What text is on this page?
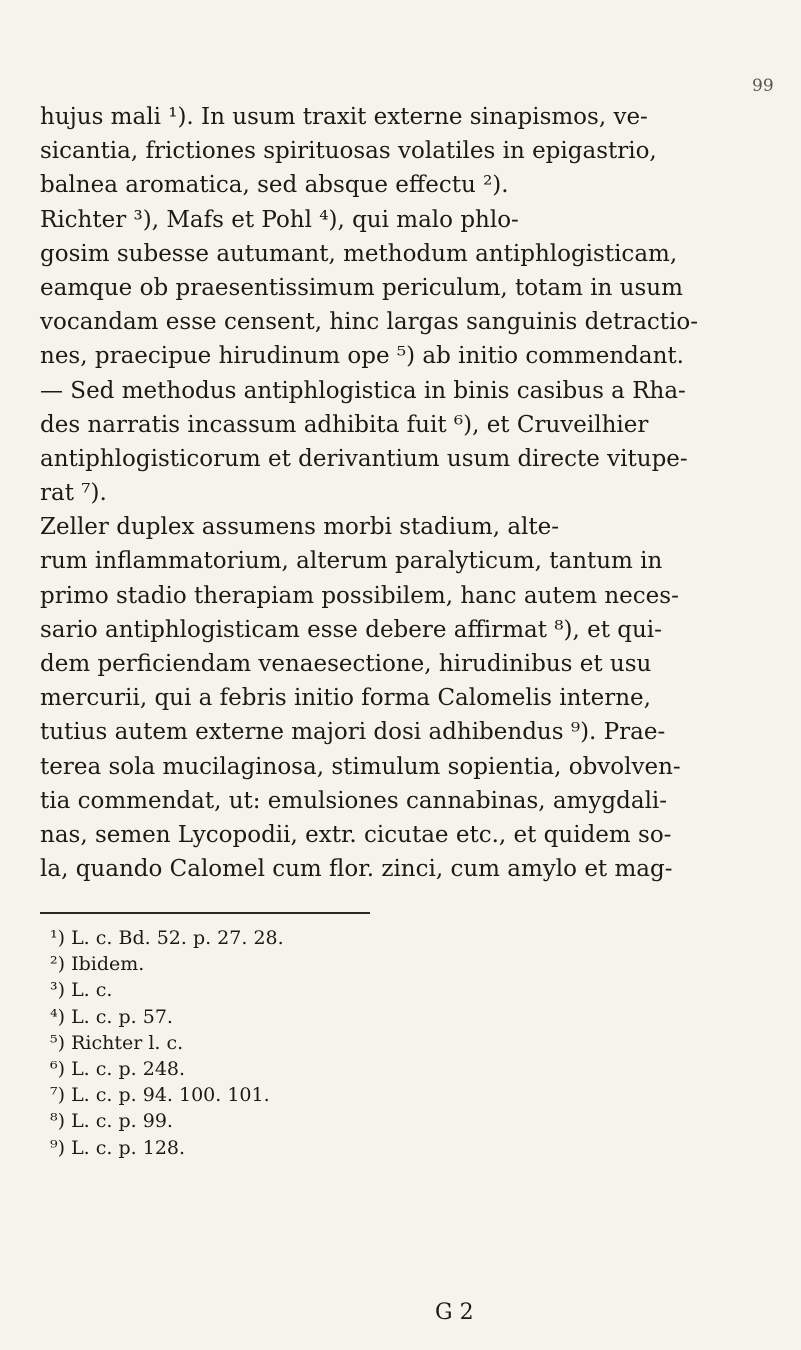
99
hujus mali ¹). In usum traxit externe sinapismos, ve-
sicantia, frictiones spirituosas volatiles in epigastrio,
balnea aromatica, sed absque effectu ²).
Richter ³), Mafs et Pohl ⁴), qui malo phlo-
gosim subesse autumant, methodum antiphlogisticam,
eamque ob praesentissimum periculum, totam in usum
vocandam esse censent, hinc largas sanguinis detractio-
nes, praecipue hirudinum ope ⁵) ab initio commendant.
— Sed methodus antiphlogistica in binis casibus a Rha-
des narratis incassum adhibita fuit ⁶), et Cruveilhier
antiphlogisticorum et derivantium usum directe vitupe-
rat ⁷).
Zeller duplex assumens morbi stadium, alte-
rum inflammatorium, alterum paralyticum, tantum in
primo stadio therapiam possibilem, hanc autem neces-
sario antiphlogisticam esse debere affirmat ⁸), et qui-
dem perficiendam venaesectione, hirudinibus et usu
mercurii, qui a febris initio forma Calomelis interne,
tutius autem externe majori dosi adhibendus ⁹). Prae-
terea sola mucilaginosa, stimulum sopientia, obvolven-
tia commendat, ut: emulsiones cannabinas, amygdali-
nas, semen Lycopodii, extr. cicutae etc., et quidem so-
la, quando Calomel cum flor. zinci, cum amylo et mag-
¹) L. c. Bd. 52. p. 27. 28.
²) Ibidem.
³) L. c.
⁴) L. c. p. 57.
⁵) Richter l. c.
⁶) L. c. p. 248.
⁷) L. c. p. 94. 100. 101.
⁸) L. c. p. 99.
⁹) L. c. p. 128.
G 2
